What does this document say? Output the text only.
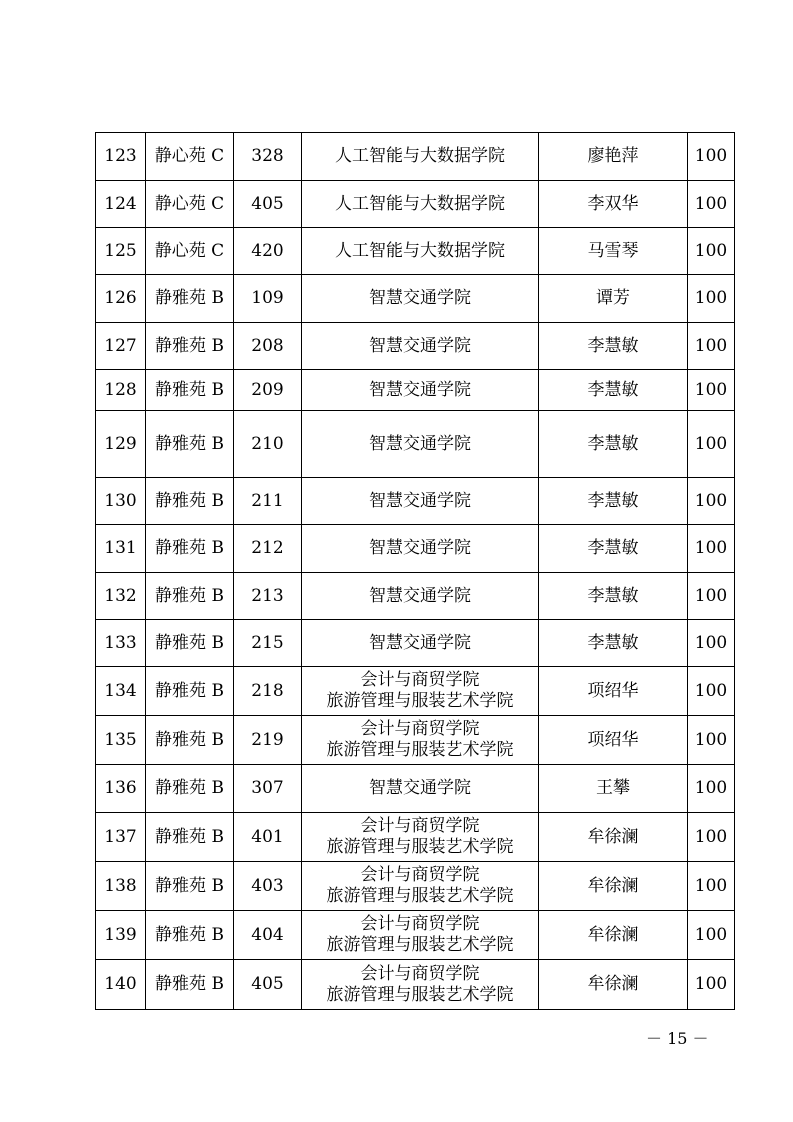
123	静心苑 C	328	人工智能与大数据学院	廖艳萍	100
124	静心苑 C	405	人工智能与大数据学院	李双华	100
125	静心苑 C	420	人工智能与大数据学院	马雪琴	100
126	静雅苑 B	109	智慧交通学院	谭芳	100
127	静雅苑 B	208	智慧交通学院	李慧敏	100
128	静雅苑 B	209	智慧交通学院	李慧敏	100
129	静雅苑 B	210	智慧交通学院	李慧敏	100
130	静雅苑 B	211	智慧交通学院	李慧敏	100
131	静雅苑 B	212	智慧交通学院	李慧敏	100
132	静雅苑 B	213	智慧交通学院	李慧敏	100
133	静雅苑 B	215	智慧交通学院	李慧敏	100
134	静雅苑 B	218	会计与商贸学院
旅游管理与服装艺术学院	项绍华	100
135	静雅苑 B	219	会计与商贸学院
旅游管理与服装艺术学院	项绍华	100
136	静雅苑 B	307	智慧交通学院	王攀	100
137	静雅苑 B	401	会计与商贸学院
旅游管理与服装艺术学院	牟徐澜	100
138	静雅苑 B	403	会计与商贸学院
旅游管理与服装艺术学院	牟徐澜	100
139	静雅苑 B	404	会计与商贸学院
旅游管理与服装艺术学院	牟徐澜	100
140	静雅苑 B	405	会计与商贸学院
旅游管理与服装艺术学院	牟徐澜	100
－ 15 －
